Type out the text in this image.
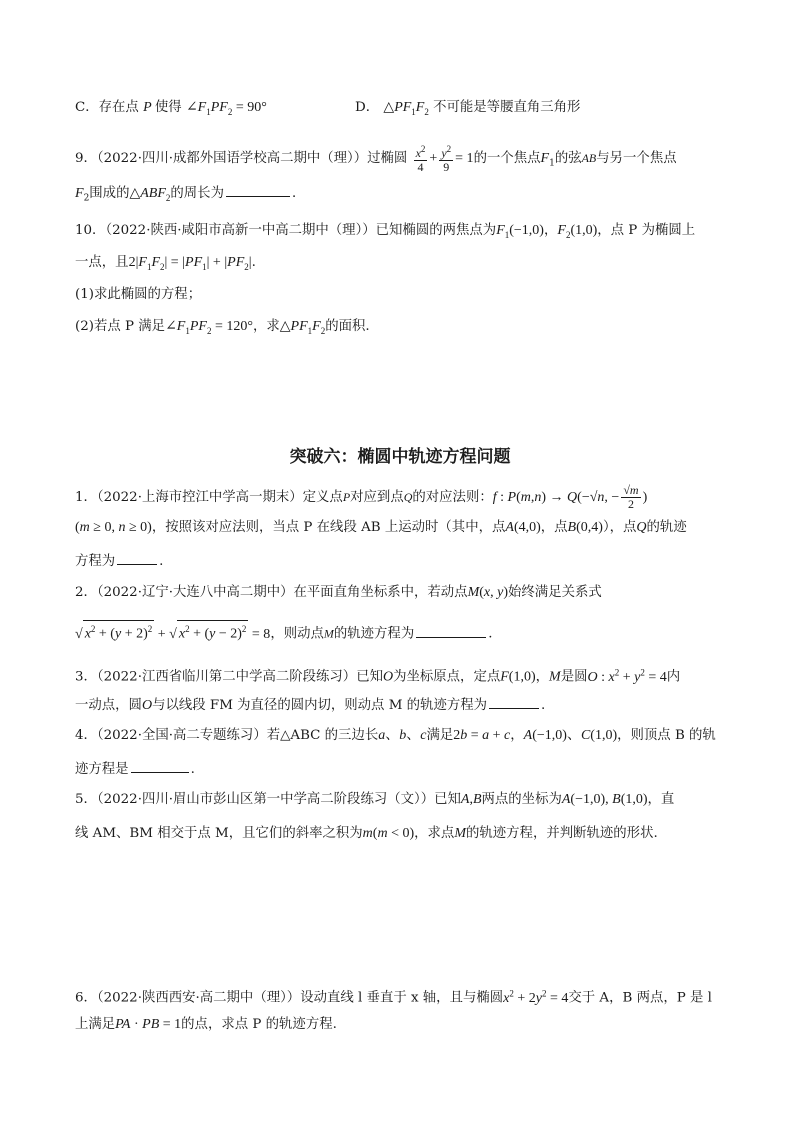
C．存在点 P 使得 $\angle F_1PF_2 = 90^\circ$	D． $\triangle PF_1F_2$ 不可能是等腰直角三角形
9．（2022·四川·成都外国语学校高二期中（理））过椭圆 $\frac{x^2}{4} + \frac{y^2}{9} = 1$的一个焦点$F_1$的弦AB与另一个焦点
$F_2$围成的$\triangle ABF_2$的周长为	．
10．（2022·陕西·咸阳市高新一中高二期中（理））已知椭圆的两焦点为$F_1(-1,0)$，$F_2(1,0)$，点 P 为椭圆上
一点，且$2|F_1F_2| = |PF_1| + |PF_2|$.
(1)求此椭圆的方程；
(2)若点 P 满足$\angle F_1PF_2 = 120^\circ$，求$\triangle PF_1F_2$的面积.
突破六：椭圆中轨迹方程问题
1．（2022·上海市控江中学高一期末）定义点P对应到点Q的对应法则：f : P(m,n) → Q(−√n, − $\frac{√m}{2}$ )
(m ≥ 0, n ≥ 0)，按照该对应法则，当点 P 在线段 AB 上运动时（其中，点A(4,0)，点B(0,4)），点Q的轨迹
方程为	.
2．（2022·辽宁·大连八中高二期中）在平面直角坐标系中，若动点M(x, y)始终满足关系式
√ $x^2 + (y + 2)^2$ + √ $x^2 + (y - 2)^2 = 8$，则动点M的轨迹方程为	.
3．（2022·江西省临川第二中学高二阶段练习）已知O为坐标原点，定点F(1,0)，M是圆O : $x^2 + y^2 = 4$内
一动点，圆O与以线段 FM 为直径的圆内切，则动点 M 的轨迹方程为	.
4．（2022·全国·高二专题练习）若△ABC 的三边长a、b、c满足2b = a + c，A(−1,0)、C(1,0)，则顶点 B 的轨
迹方程是	.
5．（2022·四川·眉山市彭山区第一中学高二阶段练习（文））已知A,B两点的坐标为A(−1,0), B(1,0)，直
线 AM、BM 相交于点 M，且它们的斜率之积为m(m < 0)，求点M的轨迹方程，并判断轨迹的形状.
6．（2022·陕西西安·高二期中（理））设动直线 l 垂直于 x 轴，且与椭圆$x^2 + 2y^2 = 4$交于 A，B 两点，P 是 l
上满足PA · PB = 1的点，求点 P 的轨迹方程.
